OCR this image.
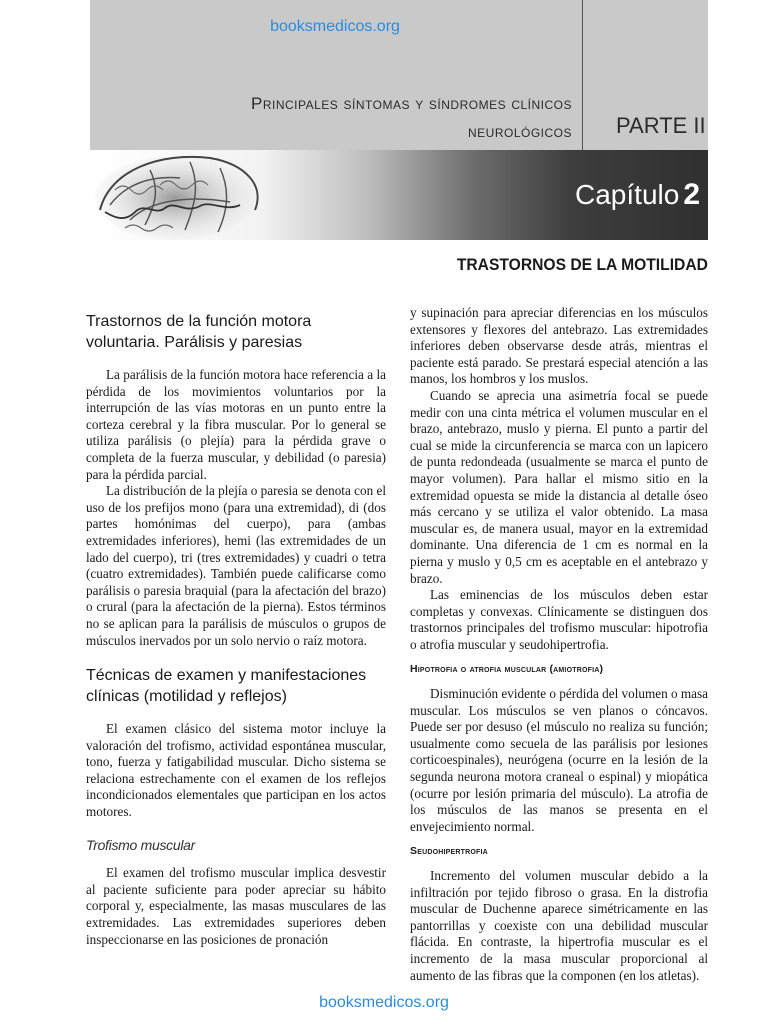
booksmedicos.org
Principales síntomas y síndromes clínicos
neurológicos PARTE II
Capítulo 2
TRASTORNOS DE LA MOTILIDAD
Trastornos de la función motora voluntaria. Parálisis y paresias

La parálisis de la función motora hace referencia a la pérdida de los movimientos voluntarios por la interrupción de las vías motoras en un punto entre la corteza cerebral y la fibra muscular. Por lo general se utiliza parálisis (o plejía) para la pérdida grave o completa de la fuerza muscular, y debilidad (o paresia) para la pérdida parcial.

La distribución de la plejía o paresia se denota con el uso de los prefijos mono (para una extremidad), di (dos partes homónimas del cuerpo), para (ambas extremidades inferiores), hemi (las extremidades de un lado del cuerpo), tri (tres extremidades) y cuadri o tetra (cuatro extremidades). También puede calificarse como parálisis o paresia braquial (para la afectación del brazo) o crural (para la afectación de la pierna). Estos términos no se aplican para la parálisis de músculos o grupos de músculos inervados por un solo nervio o raíz motora.

Técnicas de examen y manifestaciones clínicas (motilidad y reflejos)

El examen clásico del sistema motor incluye la valoración del trofismo, actividad espontánea muscular, tono, fuerza y fatigabilidad muscular. Dicho sistema se relaciona estrechamente con el examen de los reflejos incondicionados elementales que participan en los actos motores.

Trofismo muscular

El examen del trofismo muscular implica desvestir al paciente suficiente para poder apreciar su hábito corporal y, especialmente, las masas musculares de las extremidades. Las extremidades superiores deben inspeccionarse en las posiciones de pronación

y supinación para apreciar diferencias en los músculos extensores y flexores del antebrazo. Las extremidades inferiores deben observarse desde atrás, mientras el paciente está parado. Se prestará especial atención a las manos, los hombros y los muslos.

Cuando se aprecia una asimetría focal se puede medir con una cinta métrica el volumen muscular en el brazo, antebrazo, muslo y pierna. El punto a partir del cual se mide la circunferencia se marca con un lapicero de punta redondeada (usualmente se marca el punto de mayor volumen). Para hallar el mismo sitio en la extremidad opuesta se mide la distancia al detalle óseo más cercano y se utiliza el valor obtenido. La masa muscular es, de manera usual, mayor en la extremidad dominante. Una diferencia de 1 cm es normal en la pierna y muslo y 0,5 cm es aceptable en el antebrazo y brazo.

Las eminencias de los músculos deben estar completas y convexas. Clínicamente se distinguen dos trastornos principales del trofismo muscular: hipotrofia o atrofia muscular y seudohipertrofia.

Hipotrofia o atrofia muscular (amiotrofia)

Disminución evidente o pérdida del volumen o masa muscular. Los músculos se ven planos o cóncavos. Puede ser por desuso (el músculo no realiza su función; usualmente como secuela de las parálisis por lesiones corticoespinales), neurógena (ocurre en la lesión de la segunda neurona motora craneal o espinal) y miopática (ocurre por lesión primaria del músculo). La atrofia de los músculos de las manos se presenta en el envejecimiento normal.

Seudohipertrofia

Incremento del volumen muscular debido a la infiltración por tejido fibroso o grasa. En la distrofia muscular de Duchenne aparece simétricamente en las pantorrillas y coexiste con una debilidad muscular flácida. En contraste, la hipertrofia muscular es el incremento de la masa muscular proporcional al aumento de las fibras que la componen (en los atletas).

booksmedicos.org
